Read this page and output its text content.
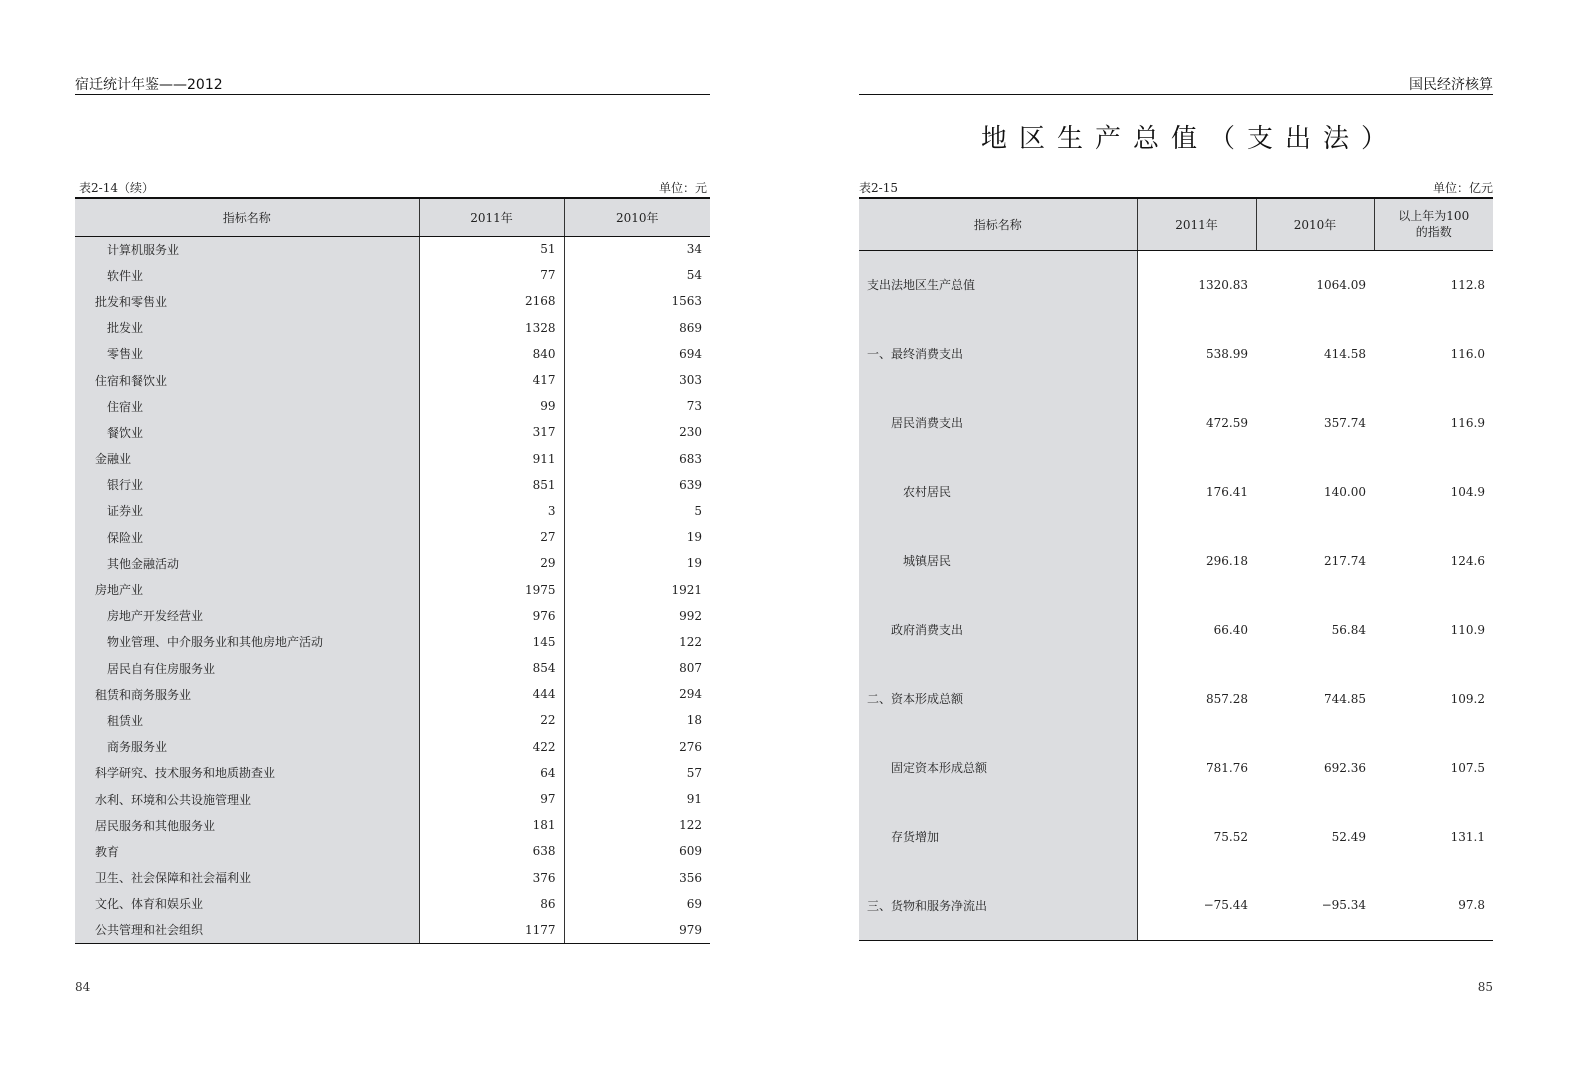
宿迁统计年鉴——2012
表2-14（续）	单位：元
指标名称	2011年	2010年
计算机服务业	51	34
软件业	77	54
批发和零售业	2168	1563
批发业	1328	869
零售业	840	694
住宿和餐饮业	417	303
住宿业	99	73
餐饮业	317	230
金融业	911	683
银行业	851	639
证券业	3	5
保险业	27	19
其他金融活动	29	19
房地产业	1975	1921
房地产开发经营业	976	992
物业管理、中介服务业和其他房地产活动	145	122
居民自有住房服务业	854	807
租赁和商务服务业	444	294
租赁业	22	18
商务服务业	422	276
科学研究、技术服务和地质勘查业	64	57
水利、环境和公共设施管理业	97	91
居民服务和其他服务业	181	122
教育	638	609
卫生、社会保障和社会福利业	376	356
文化、体育和娱乐业	86	69
公共管理和社会组织	1177	979
84
国民经济核算
地区生产总值（支出法）
表2-15	单位：亿元
指标名称	2011年	2010年	以上年为100
的指数
支出法地区生产总值	1320.83	1064.09	112.8
一、最终消费支出	538.99	414.58	116.0
居民消费支出	472.59	357.74	116.9
农村居民	176.41	140.00	104.9
城镇居民	296.18	217.74	124.6
政府消费支出	66.40	56.84	110.9
二、资本形成总额	857.28	744.85	109.2
固定资本形成总额	781.76	692.36	107.5
存货增加	75.52	52.49	131.1
三、货物和服务净流出	−75.44	−95.34	97.8
85
